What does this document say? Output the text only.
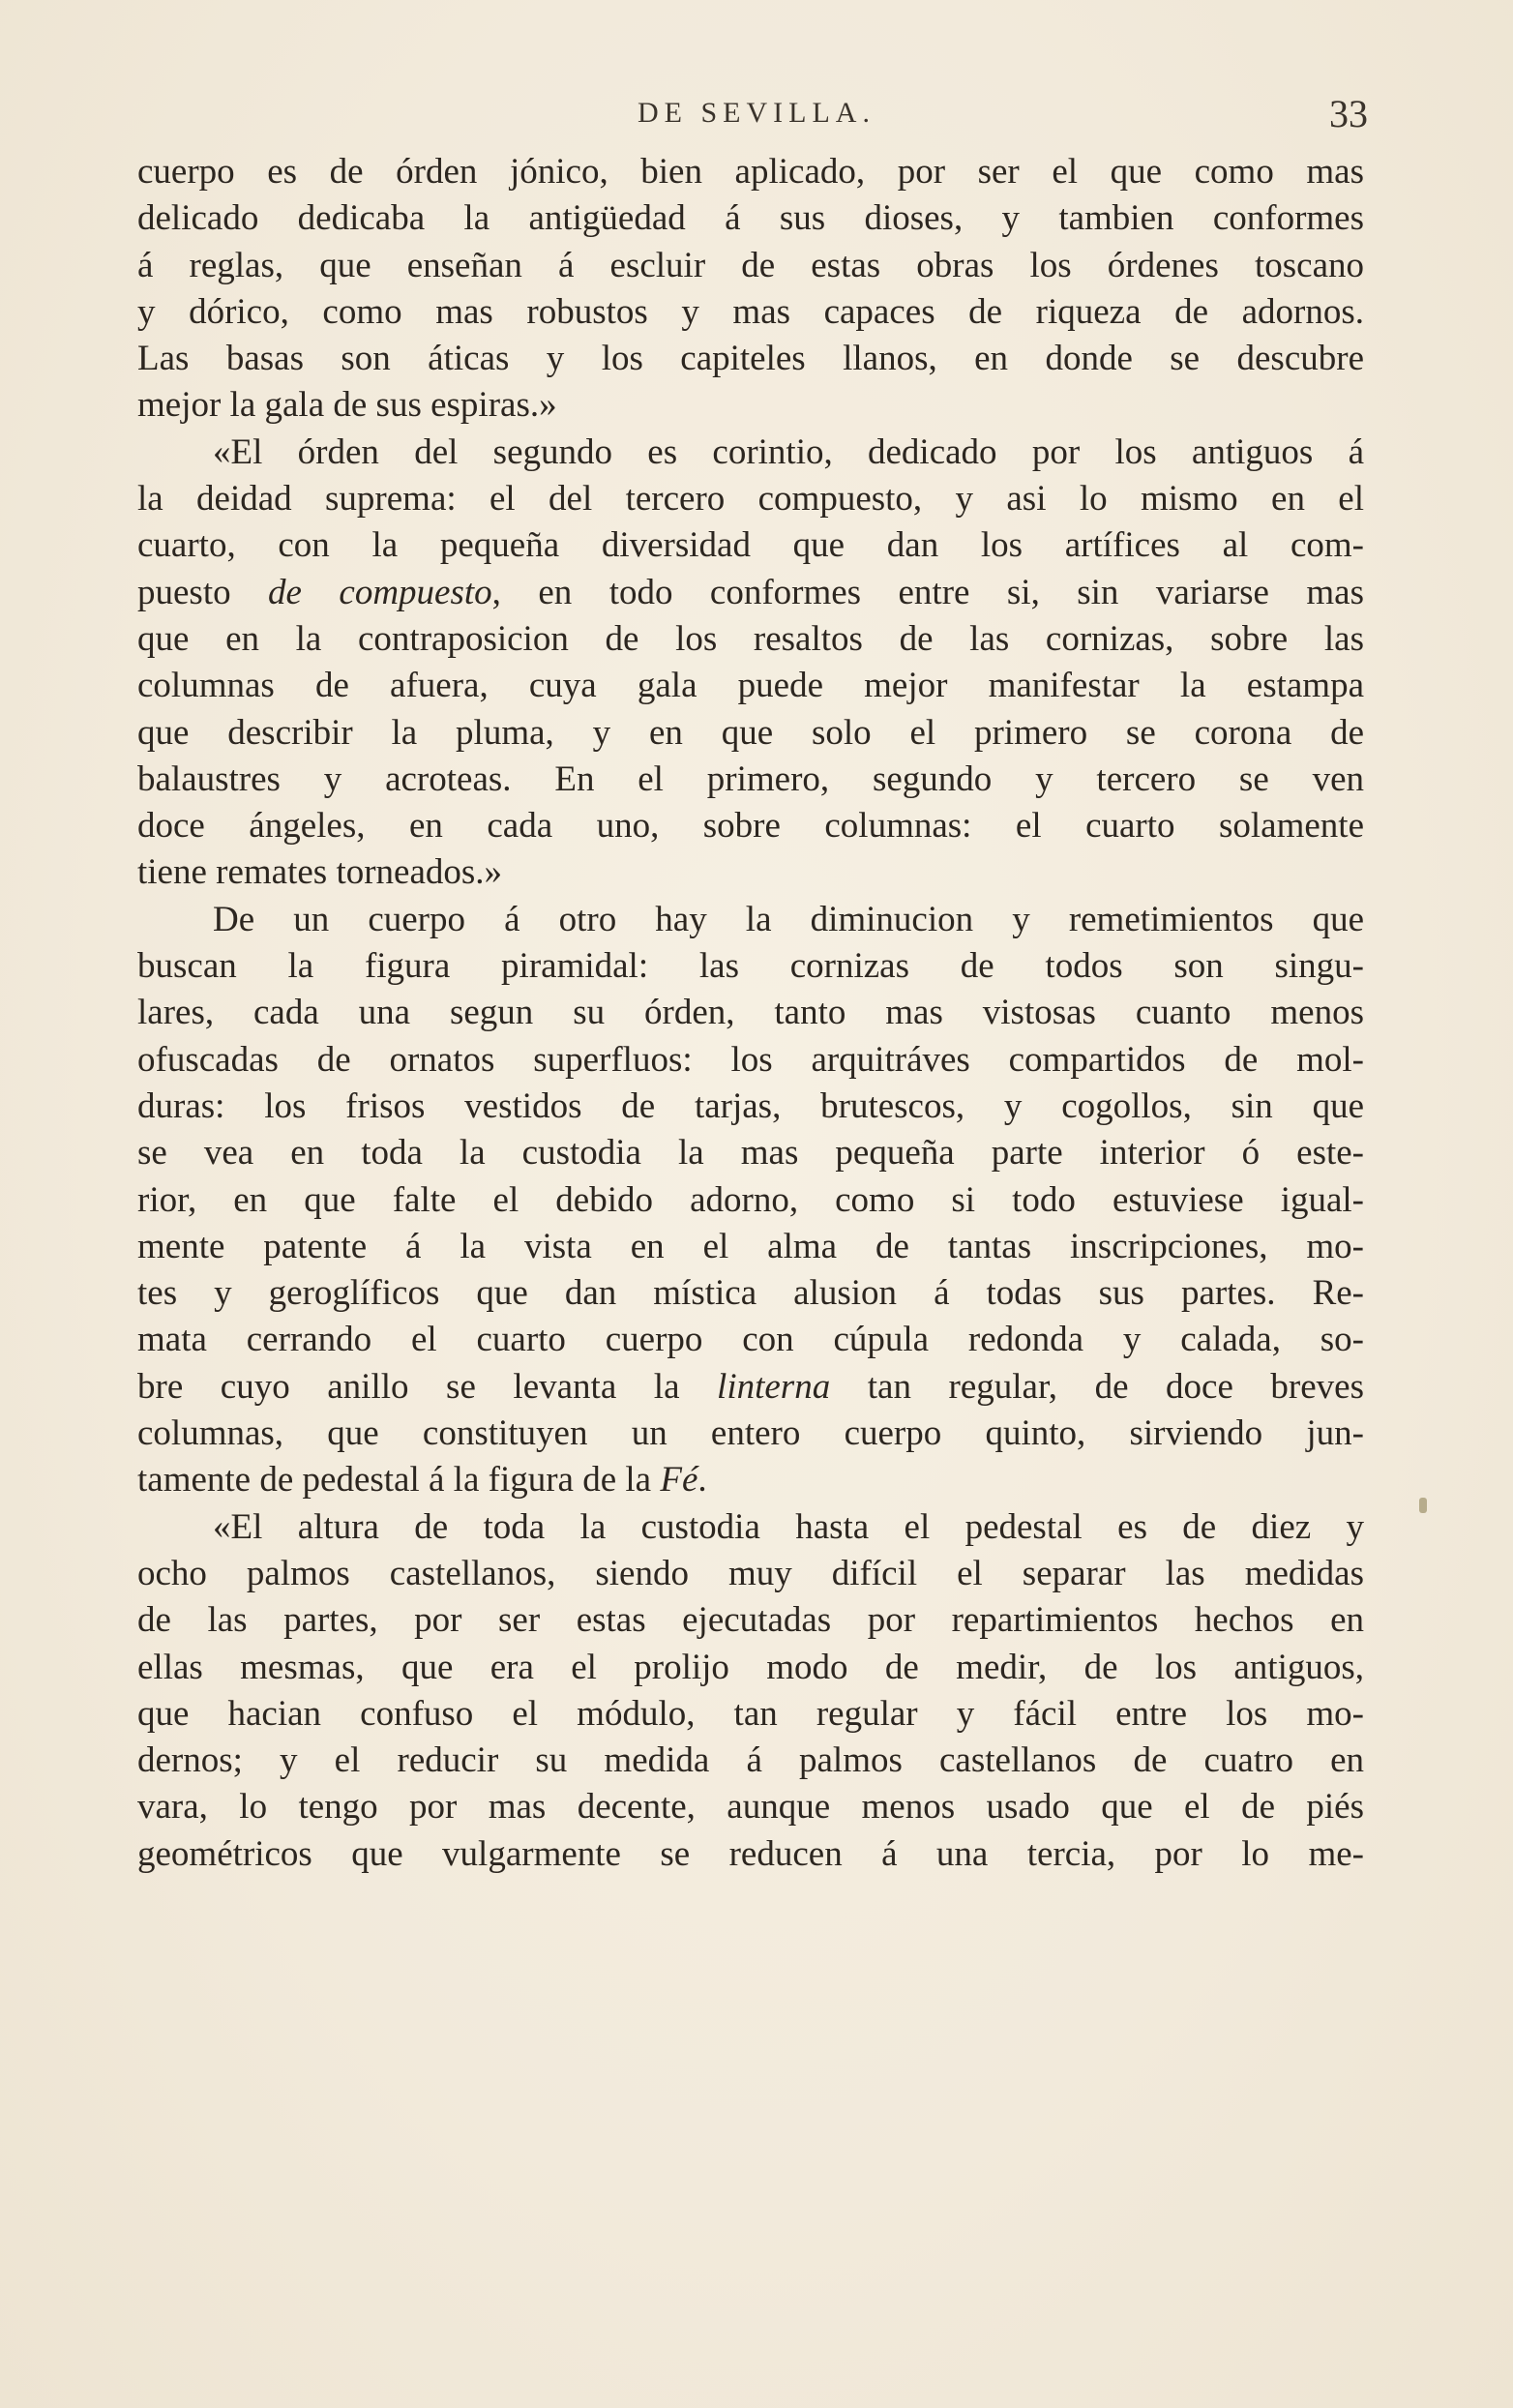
DE SEVILLA.	33
cuerpo es de órden jónico, bien aplicado, por ser el que como mas
delicado dedicaba la antigüedad á sus dioses, y tambien conformes
á reglas, que enseñan á escluir de estas obras los órdenes toscano
y dórico, como mas robustos y mas capaces de riqueza de adornos.
Las basas son áticas y los capiteles llanos, en donde se descubre
mejor la gala de sus espiras.»
«El órden del segundo es corintio, dedicado por los antiguos á
la deidad suprema: el del tercero compuesto, y asi lo mismo en el
cuarto, con la pequeña diversidad que dan los artífices al com-
puesto de compuesto, en todo conformes entre si, sin variarse mas
que en la contraposicion de los resaltos de las cornizas, sobre las
columnas de afuera, cuya gala puede mejor manifestar la estampa
que describir la pluma, y en que solo el primero se corona de
balaustres y acroteas. En el primero, segundo y tercero se ven
doce ángeles, en cada uno, sobre columnas: el cuarto solamente
tiene remates torneados.»
De un cuerpo á otro hay la diminucion y remetimientos que
buscan la figura piramidal: las cornizas de todos son singu-
lares, cada una segun su órden, tanto mas vistosas cuanto menos
ofuscadas de ornatos superfluos: los arquitráves compartidos de mol-
duras: los frisos vestidos de tarjas, brutescos, y cogollos, sin que
se vea en toda la custodia la mas pequeña parte interior ó este-
rior, en que falte el debido adorno, como si todo estuviese igual-
mente patente á la vista en el alma de tantas inscripciones, mo-
tes y geroglíficos que dan mística alusion á todas sus partes. Re-
mata cerrando el cuarto cuerpo con cúpula redonda y calada, so-
bre cuyo anillo se levanta la linterna tan regular, de doce breves
columnas, que constituyen un entero cuerpo quinto, sirviendo jun-
tamente de pedestal á la figura de la Fé.
«El altura de toda la custodia hasta el pedestal es de diez y
ocho palmos castellanos, siendo muy difícil el separar las medidas
de las partes, por ser estas ejecutadas por repartimientos hechos en
ellas mesmas, que era el prolijo modo de medir, de los antiguos,
que hacian confuso el módulo, tan regular y fácil entre los mo-
dernos; y el reducir su medida á palmos castellanos de cuatro en
vara, lo tengo por mas decente, aunque menos usado que el de piés
geométricos que vulgarmente se reducen á una tercia, por lo me-
